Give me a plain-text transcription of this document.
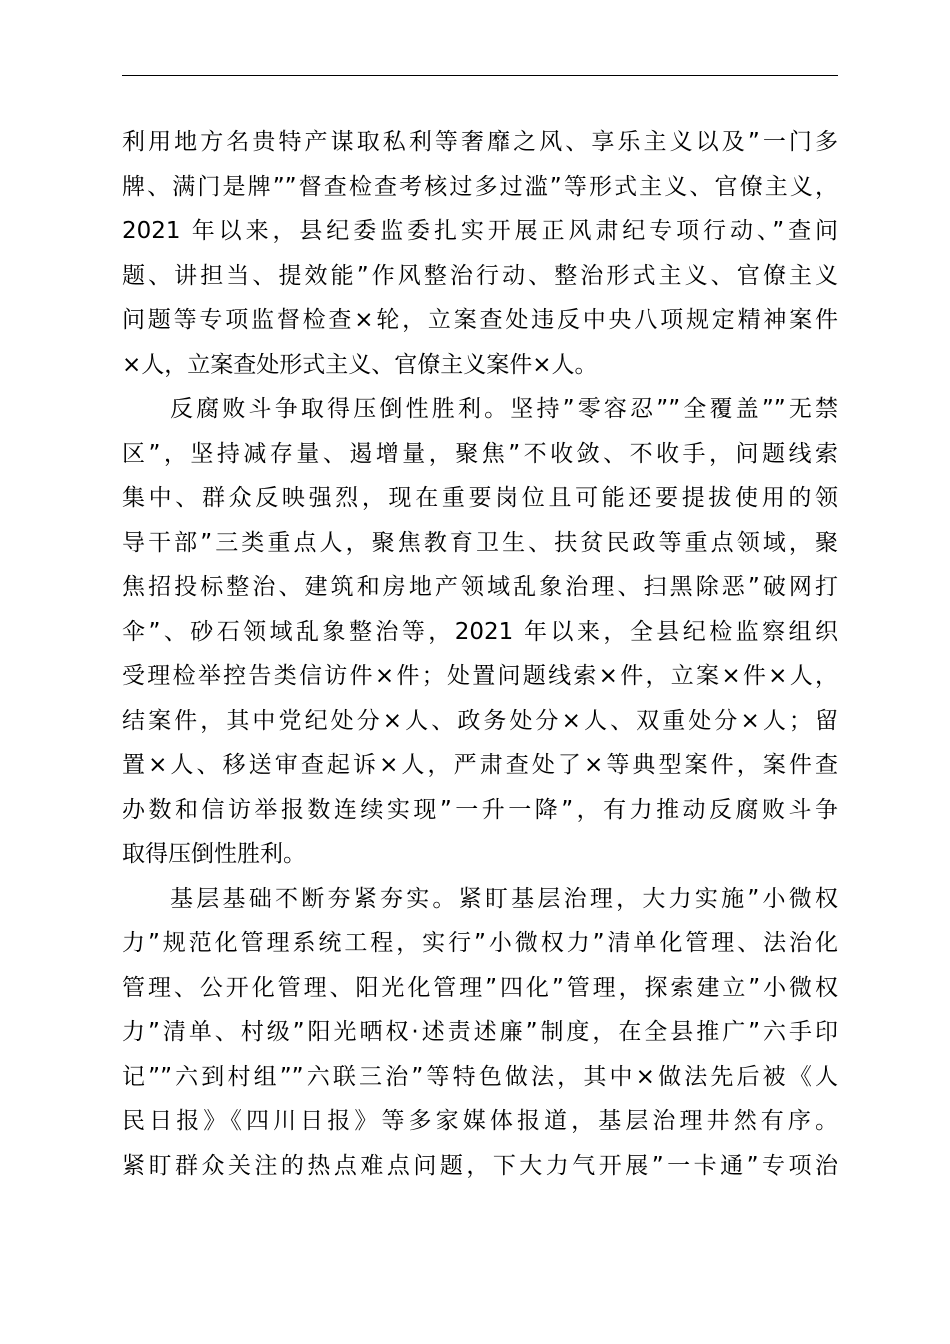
利用地方名贵特产谋取私利等奢靡之风、享乐主义以及”一门多
牌、满门是牌””督查检查考核过多过滥”等形式主义、官僚主义，
2021 年以来，县纪委监委扎实开展正风肃纪专项行动、”查问
题、讲担当、提效能”作风整治行动、整治形式主义、官僚主义
问题等专项监督检查×轮，立案查处违反中央八项规定精神案件
×人，立案查处形式主义、官僚主义案件×人。
反腐败斗争取得压倒性胜利。坚持”零容忍””全覆盖””无禁
区”，坚持减存量、遏增量，聚焦”不收敛、不收手，问题线索
集中、群众反映强烈，现在重要岗位且可能还要提拔使用的领
导干部”三类重点人，聚焦教育卫生、扶贫民政等重点领域，聚
焦招投标整治、建筑和房地产领域乱象治理、扫黑除恶”破网打
伞”、砂石领域乱象整治等，2021 年以来，全县纪检监察组织
受理检举控告类信访件×件；处置问题线索×件，立案×件×人，
结案件，其中党纪处分×人、政务处分×人、双重处分×人；留
置×人、移送审查起诉×人，严肃查处了×等典型案件，案件查
办数和信访举报数连续实现”一升一降”，有力推动反腐败斗争
取得压倒性胜利。
基层基础不断夯紧夯实。紧盯基层治理，大力实施”小微权
力”规范化管理系统工程，实行”小微权力”清单化管理、法治化
管理、公开化管理、阳光化管理”四化”管理，探索建立”小微权
力”清单、村级”阳光晒权·述责述廉”制度，在全县推广”六手印
记””六到村组””六联三治”等特色做法，其中×做法先后被《人
民日报》《四川日报》等多家媒体报道，基层治理井然有序。
紧盯群众关注的热点难点问题，下大力气开展”一卡通”专项治
